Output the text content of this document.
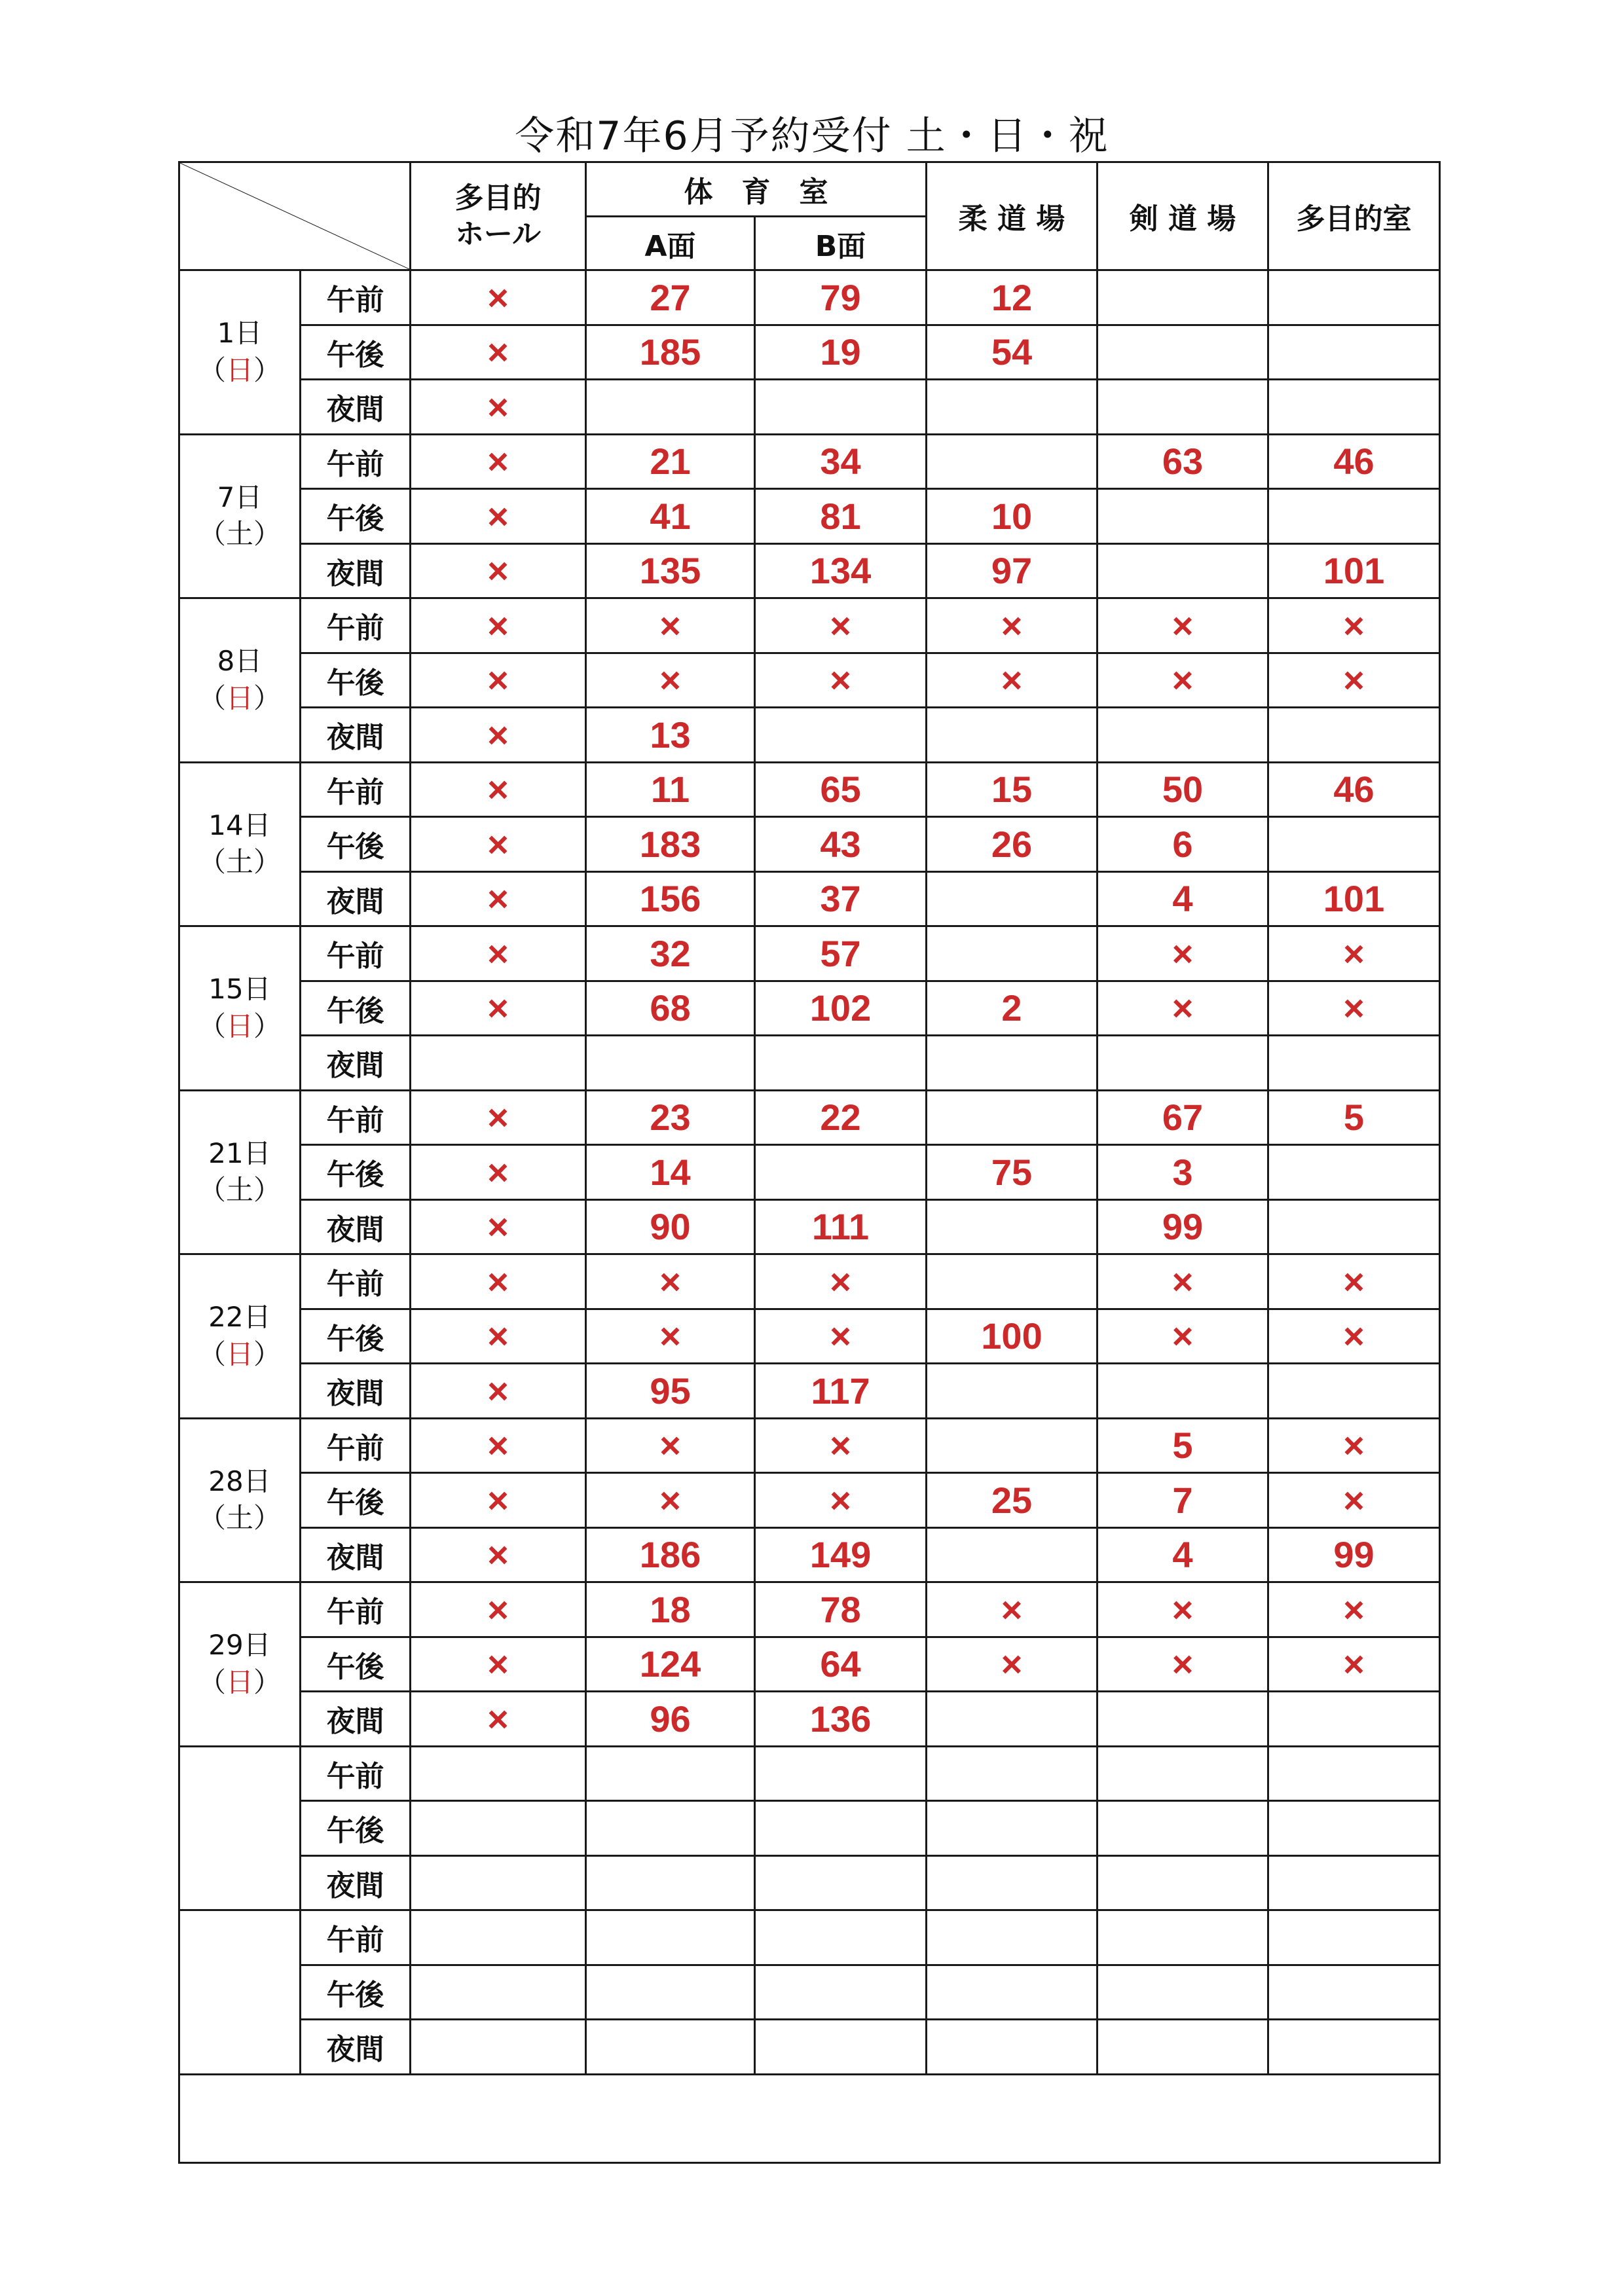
令和7年6月予約受付 土・日・祝
	多目的
ホール	体　育　室		柔 道 場	剣 道 場	多目的室
			A面	B面			

1日
（日）	午前	×	27	79	12		
	午後	×	185	19	54		
	夜間	×					

7日
（土）	午前	×	21	34		63	46
	午後	×	41	81	10		
	夜間	×	135	134	97		101

8日
（日）	午前	×	×	×	×	×	×
	午後	×	×	×	×	×	×
	夜間	×	13				

14日
（土）	午前	×	11	65	15	50	46
	午後	×	183	43	26	6	
	夜間	×	156	37		4	101

15日
（日）	午前	×	32	57		×	×
	午後	×	68	102	2	×	×
	夜間						

21日
（土）	午前	×	23	22		67	5
	午後	×	14		75	3	
	夜間	×	90	111		99	

22日
（日）	午前	×	×	×		×	×
	午後	×	×	×	100	×	×
	夜間	×	95	117			

28日
（土）	午前	×	×	×		5	×
	午後	×	×	×	25	7	×
	夜間	×	186	149		4	99

29日
（日）	午前	×	18	78	×	×	×
	午後	×	124	64	×	×	×
	夜間	×	96	136			

	午前						
	午後						
	夜間						

	午前						
	午後						
	夜間						
